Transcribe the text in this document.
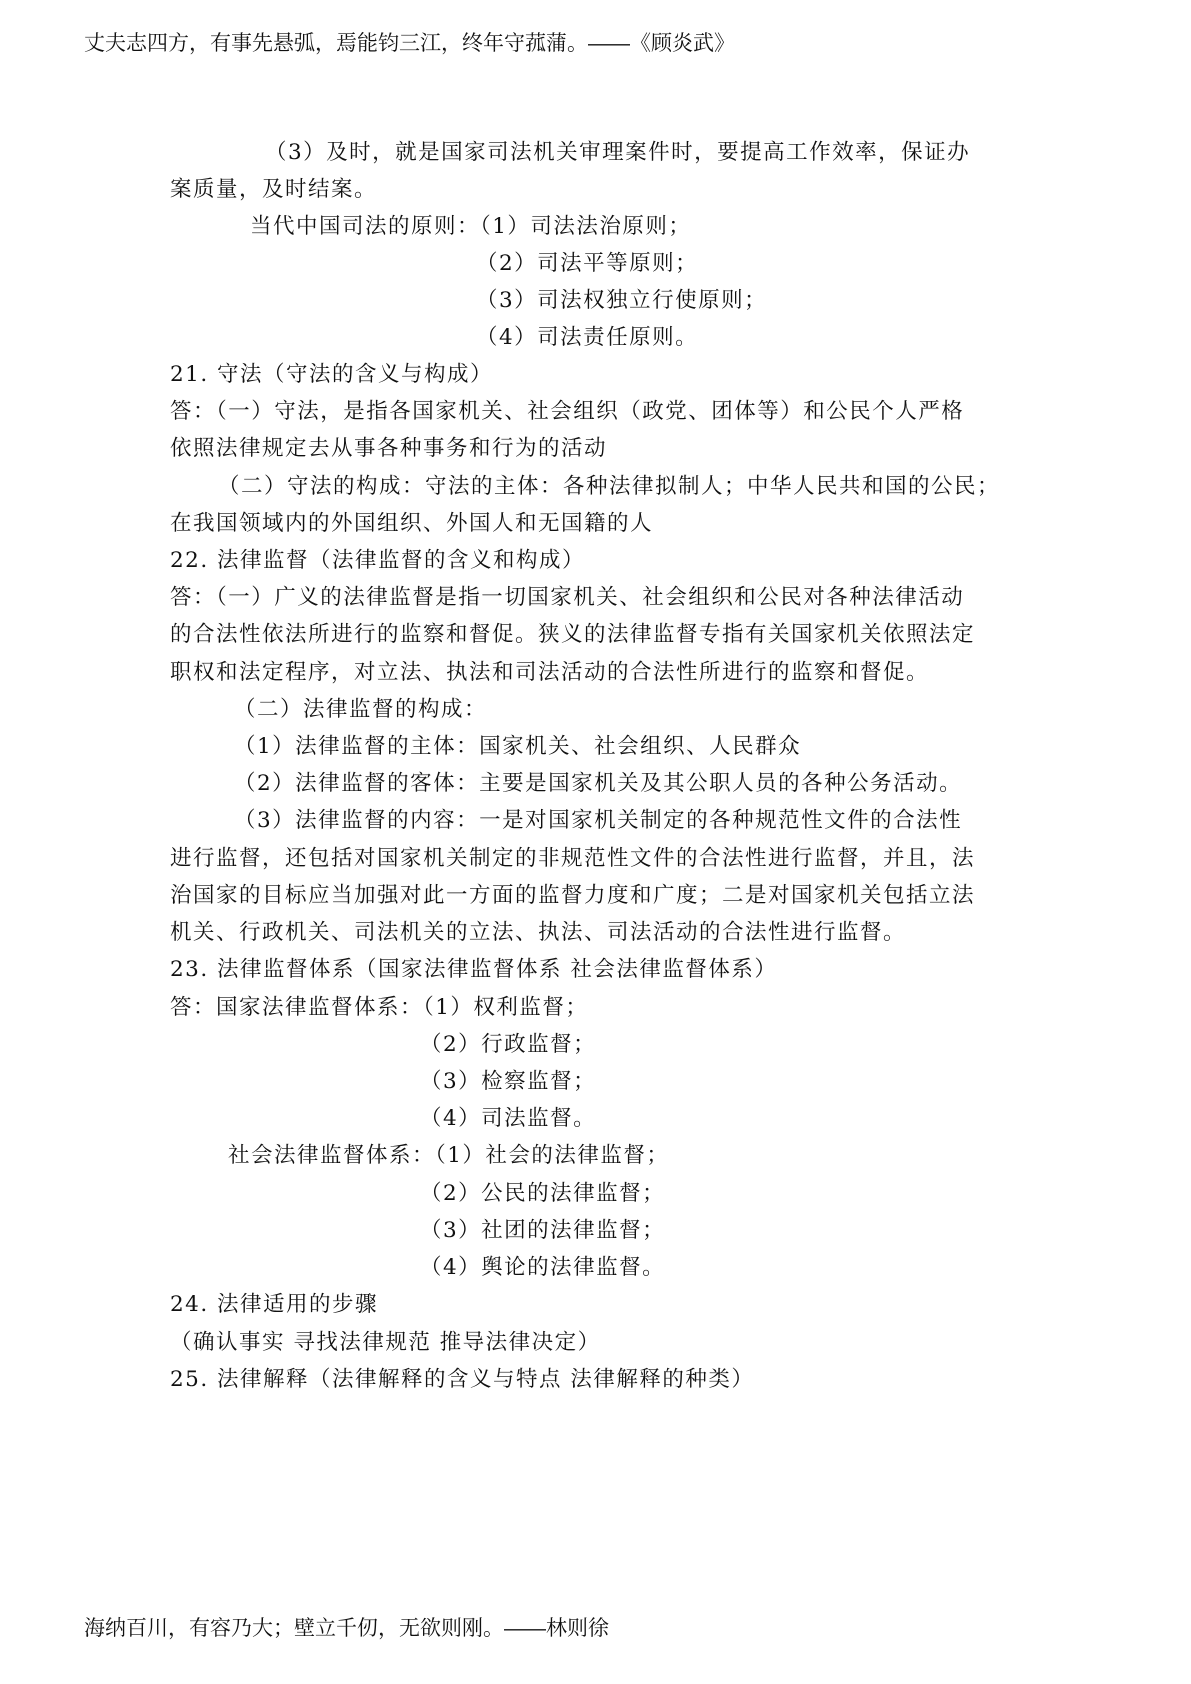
丈夫志四方，有事先悬弧，焉能钧三江，终年守菰蒲。——《顾炎武》
（3）及时，就是国家司法机关审理案件时，要提高工作效率，保证办
案质量，及时结案。
当代中国司法的原则：（1）司法法治原则；
（2）司法平等原则；
（3）司法权独立行使原则；
（4）司法责任原则。
21. 守法（守法的含义与构成）
答：（一）守法，是指各国家机关、社会组织（政党、团体等）和公民个人严格
依照法律规定去从事各种事务和行为的活动
（二）守法的构成：守法的主体：各种法律拟制人；中华人民共和国的公民；
在我国领域内的外国组织、外国人和无国籍的人
22. 法律监督（法律监督的含义和构成）
答：（一）广义的法律监督是指一切国家机关、社会组织和公民对各种法律活动
的合法性依法所进行的监察和督促。狭义的法律监督专指有关国家机关依照法定
职权和法定程序，对立法、执法和司法活动的合法性所进行的监察和督促。
（二）法律监督的构成：
（1）法律监督的主体：国家机关、社会组织、人民群众
（2）法律监督的客体：主要是国家机关及其公职人员的各种公务活动。
（3）法律监督的内容：一是对国家机关制定的各种规范性文件的合法性
进行监督，还包括对国家机关制定的非规范性文件的合法性进行监督，并且，法
治国家的目标应当加强对此一方面的监督力度和广度；二是对国家机关包括立法
机关、行政机关、司法机关的立法、执法、司法活动的合法性进行监督。
23. 法律监督体系（国家法律监督体系 社会法律监督体系）
答：国家法律监督体系：（1）权利监督；
（2）行政监督；
（3）检察监督；
（4）司法监督。
社会法律监督体系：（1）社会的法律监督；
（2）公民的法律监督；
（3）社团的法律监督；
（4）舆论的法律监督。
24. 法律适用的步骤
（确认事实 寻找法律规范 推导法律决定）
25. 法律解释（法律解释的含义与特点 法律解释的种类）
海纳百川，有容乃大；壁立千仞，无欲则刚。——林则徐
